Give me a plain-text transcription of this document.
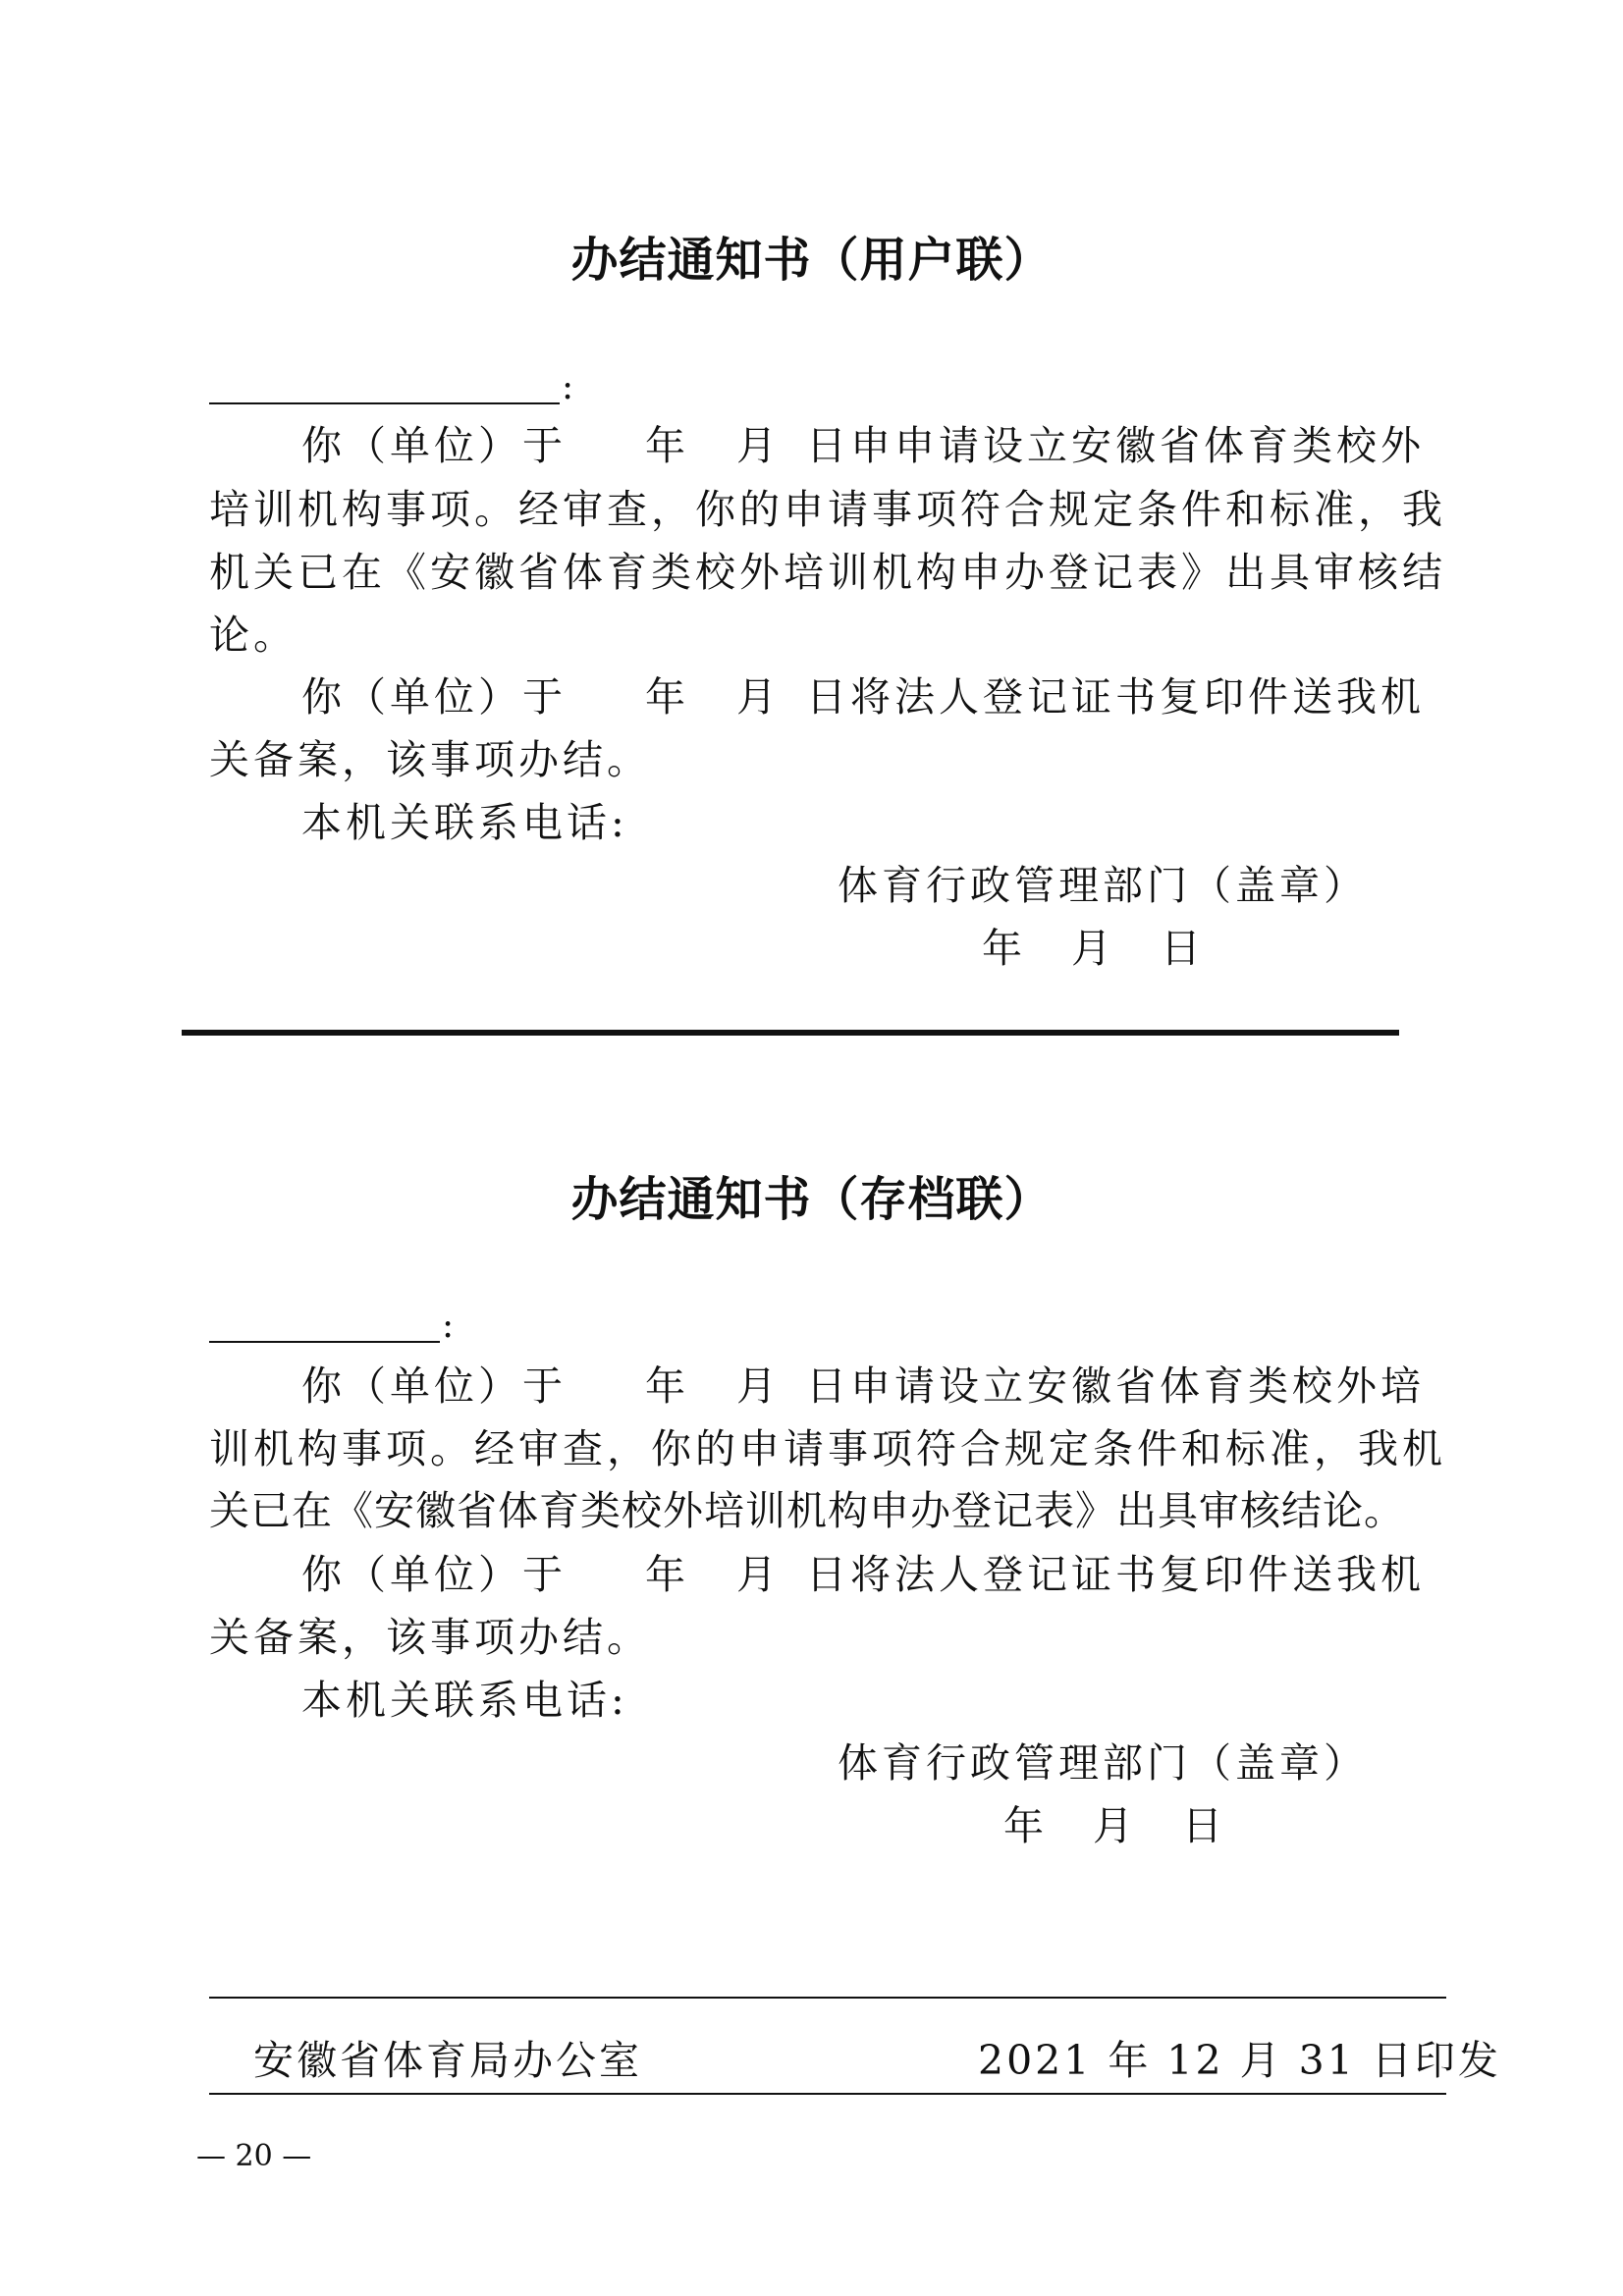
办结通知书（用户联）
:
你（单位）于 年 月 日申申请设立安徽省体育类校外
培训机构事项。经审查，你的申请事项符合规定条件和标准，我
机关已在《安徽省体育类校外培训机构申办登记表》出具审核结
论。
你（单位）于 年 月 日将法人登记证书复印件送我机
关备案，该事项办结。
本机关联系电话:
体育行政管理部门（盖章）
年 月 日
办结通知书（存档联）
:
你（单位）于 年 月 日申请设立安徽省体育类校外培
训机构事项。经审查，你的申请事项符合规定条件和标准，我机
关已在《安徽省体育类校外培训机构申办登记表》出具审核结论。
你（单位）于 年 月 日将法人登记证书复印件送我机
关备案，该事项办结。
本机关联系电话:
体育行政管理部门（盖章）
年 月 日
安徽省体育局办公室	2021 年 12 月 31 日印发
— 20 —
